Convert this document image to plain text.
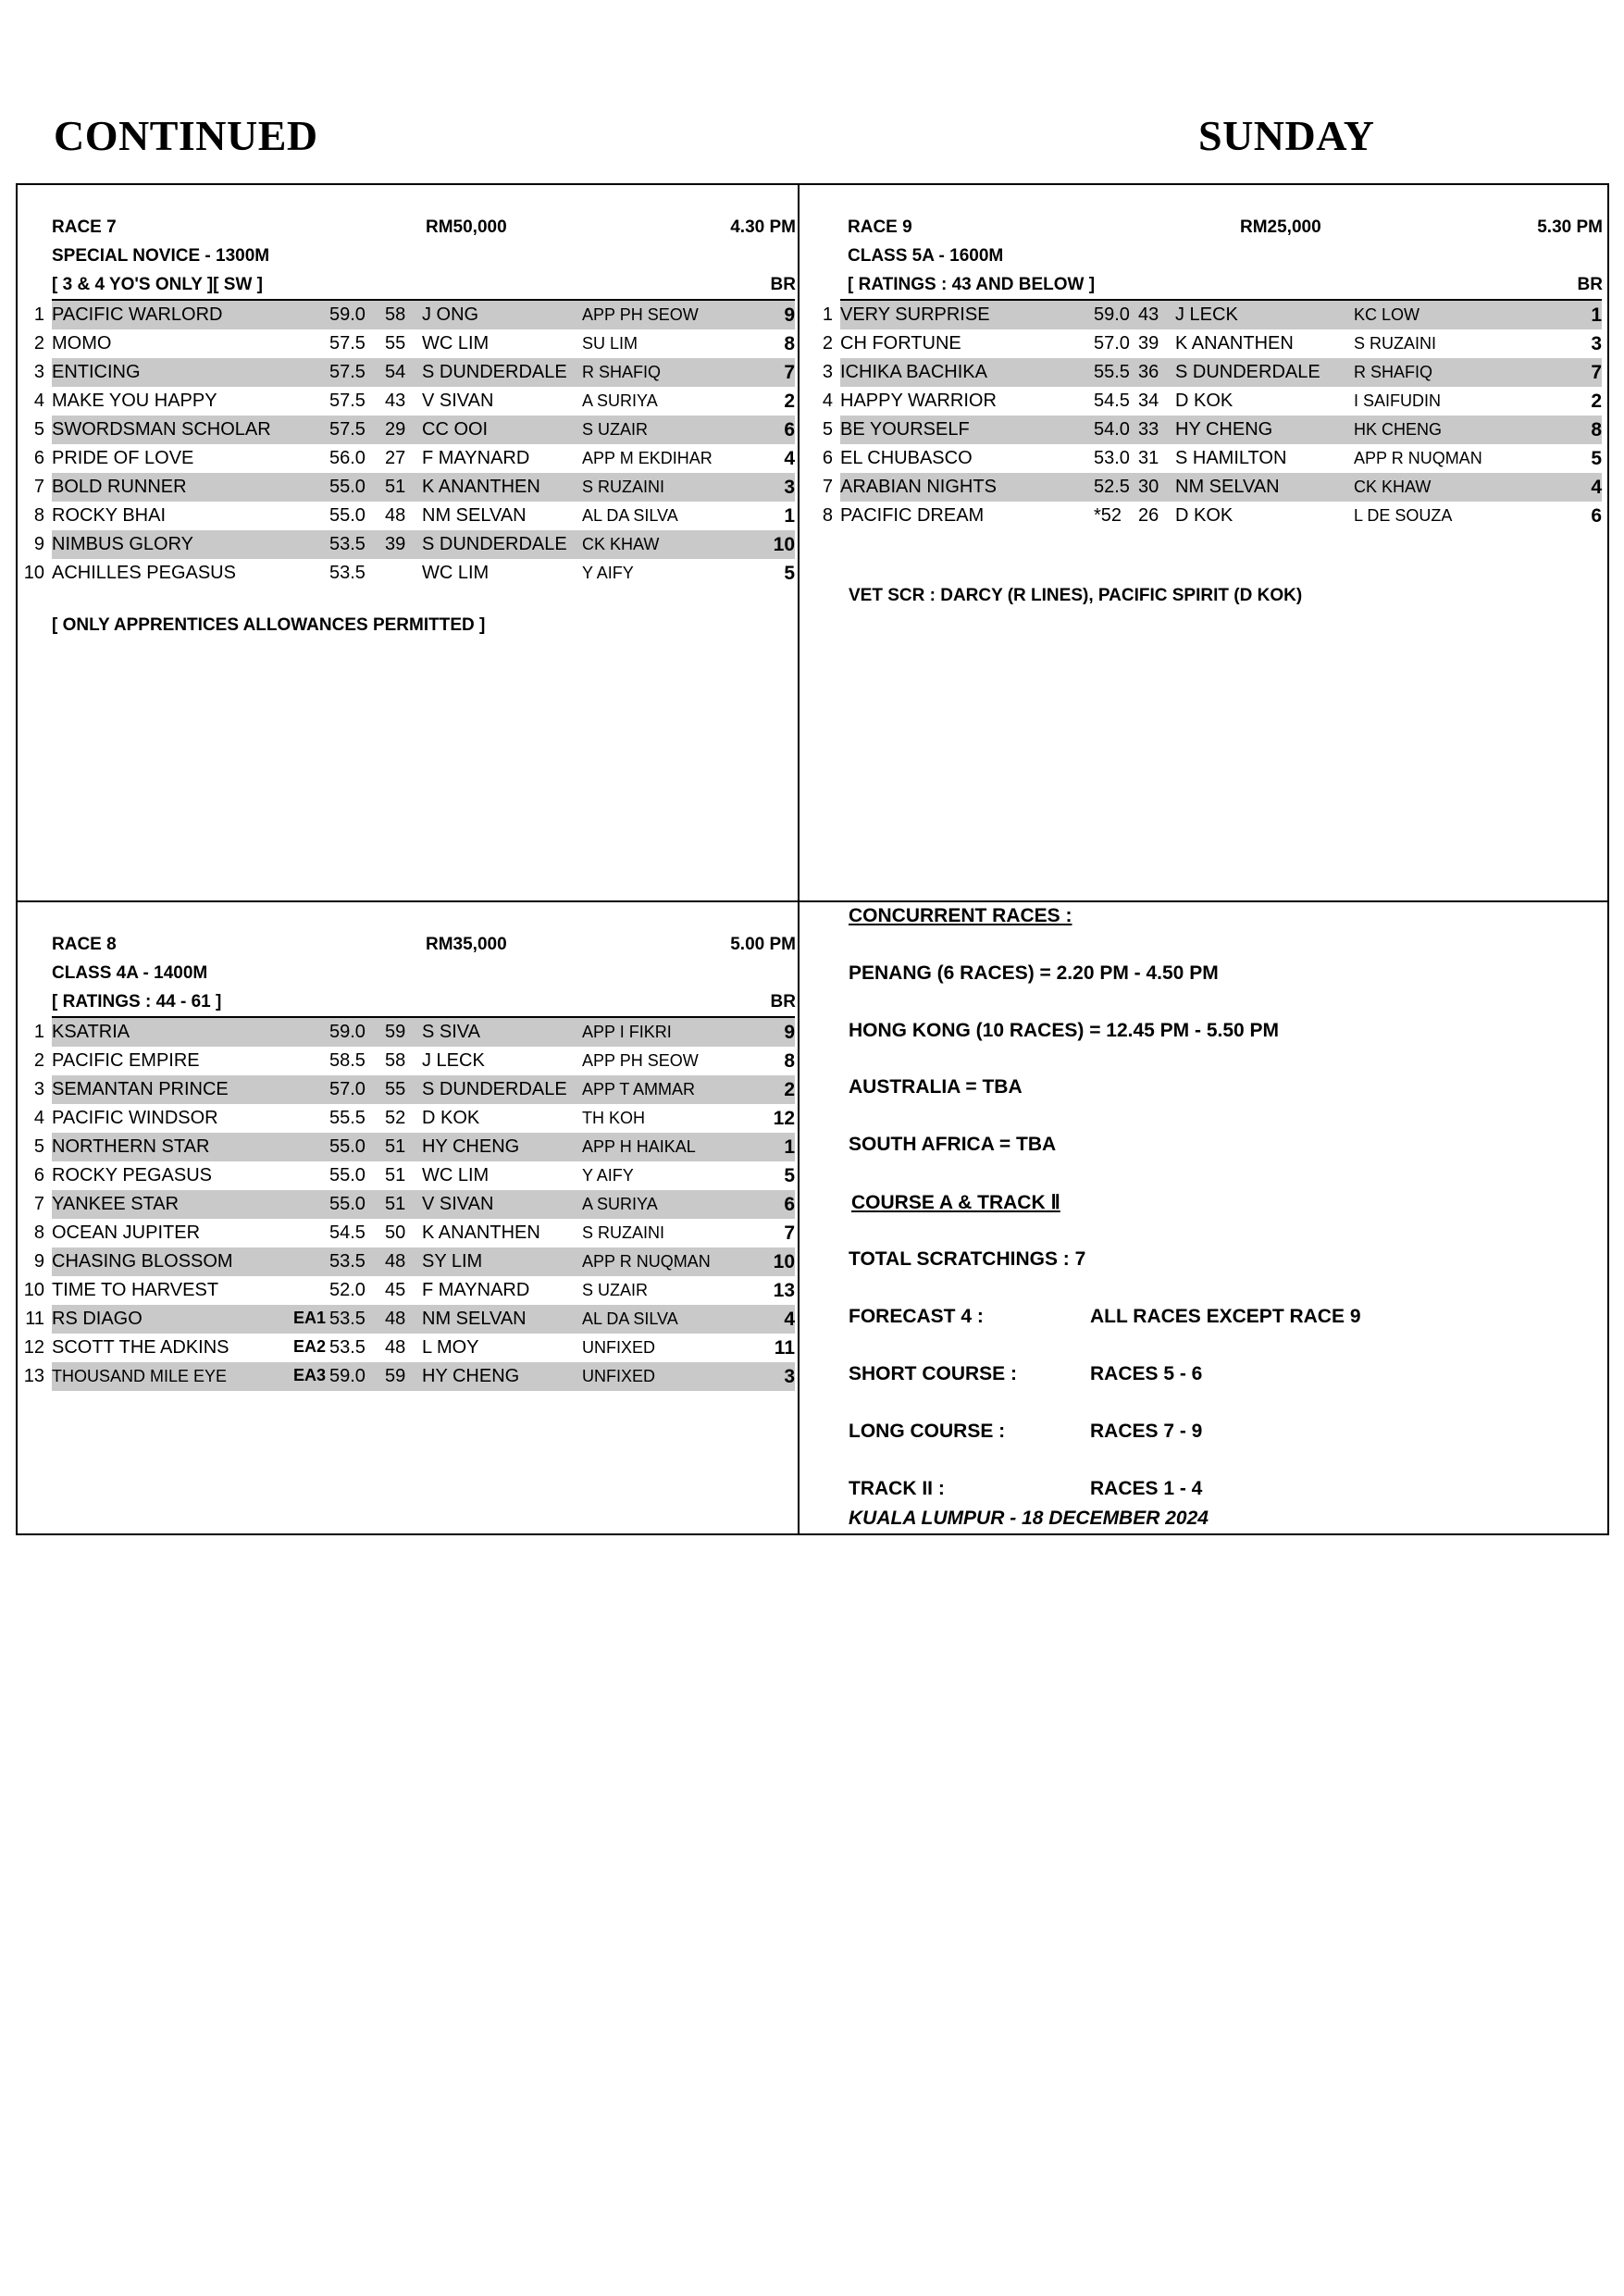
CONTINUED	SUNDAY
RACE 7	RM50,000	4.30 PM
SPECIAL NOVICE - 1300M
[ 3 & 4 YO'S ONLY ][ SW ]	BR
1	PACIFIC WARLORD	59.0	58	J ONG	APP PH SEOW	9
2	MOMO	57.5	55	WC LIM	SU LIM	8
3	ENTICING	57.5	54	S DUNDERDALE	R SHAFIQ	7
4	MAKE YOU HAPPY	57.5	43	V SIVAN	A SURIYA	2
5	SWORDSMAN SCHOLAR	57.5	29	CC OOI	S UZAIR	6
6	PRIDE OF LOVE	56.0	27	F MAYNARD	APP M EKDIHAR	4
7	BOLD RUNNER	55.0	51	K ANANTHEN	S RUZAINI	3
8	ROCKY BHAI	55.0	48	NM SELVAN	AL DA SILVA	1
9	NIMBUS GLORY	53.5	39	S DUNDERDALE	CK KHAW	10
10	ACHILLES PEGASUS	53.5		WC LIM	Y AIFY	5
RACE 9	RM25,000	5.30 PM
CLASS 5A - 1600M
[ RATINGS : 43 AND BELOW ]	BR
1	VERY SURPRISE	59.0	43	J LECK	KC LOW	1
2	CH FORTUNE	57.0	39	K ANANTHEN	S RUZAINI	3
3	ICHIKA BACHIKA	55.5	36	S DUNDERDALE	R SHAFIQ	7
4	HAPPY WARRIOR	54.5	34	D KOK	I SAIFUDIN	2
5	BE YOURSELF	54.0	33	HY CHENG	HK CHENG	8
6	EL CHUBASCO	53.0	31	S HAMILTON	APP R NUQMAN	5
7	ARABIAN NIGHTS	52.5	30	NM SELVAN	CK KHAW	4
8	PACIFIC DREAM	*52	26	D KOK	L DE SOUZA	6
RACE 8	RM35,000	5.00 PM
CLASS 4A - 1400M
[ RATINGS : 44 - 61 ]	BR
1	KSATRIA	59.0	59	S SIVA	APP I FIKRI	9
2	PACIFIC EMPIRE	58.5	58	J LECK	APP PH SEOW	8
3	SEMANTAN PRINCE	57.0	55	S DUNDERDALE	APP T AMMAR	2
4	PACIFIC WINDSOR	55.5	52	D KOK	TH KOH	12
5	NORTHERN STAR	55.0	51	HY CHENG	APP H HAIKAL	1
6	ROCKY PEGASUS	55.0	51	WC LIM	Y AIFY	5
7	YANKEE STAR	55.0	51	V SIVAN	A SURIYA	6
8	OCEAN JUPITER	54.5	50	K ANANTHEN	S RUZAINI	7
9	CHASING BLOSSOM	53.5	48	SY LIM	APP R NUQMAN	10
10	TIME TO HARVEST	52.0	45	F MAYNARD	S UZAIR	13
11	RS DIAGO EA1	53.5	48	NM SELVAN	AL DA SILVA	4
12	SCOTT THE ADKINS EA2	53.5	48	L MOY	UNFIXED	11
13	THOUSAND MILE EYE EA3	59.0	59	HY CHENG	UNFIXED	3
[ ONLY APPRENTICES ALLOWANCES PERMITTED ]
VET SCR : DARCY (R LINES), PACIFIC SPIRIT (D KOK)
CONCURRENT RACES :
PENANG (6 RACES) = 2.20 PM - 4.50 PM
HONG KONG (10 RACES) = 12.45 PM - 5.50 PM
AUSTRALIA = TBA
SOUTH AFRICA = TBA
COURSE A & TRACK Ⅱ
TOTAL SCRATCHINGS : 7
FORECAST 4 :	ALL RACES EXCEPT RACE 9
SHORT COURSE :	RACES 5 - 6
LONG COURSE :	RACES 7 - 9
TRACK II :	RACES 1 - 4
KUALA LUMPUR - 18 DECEMBER 2024
